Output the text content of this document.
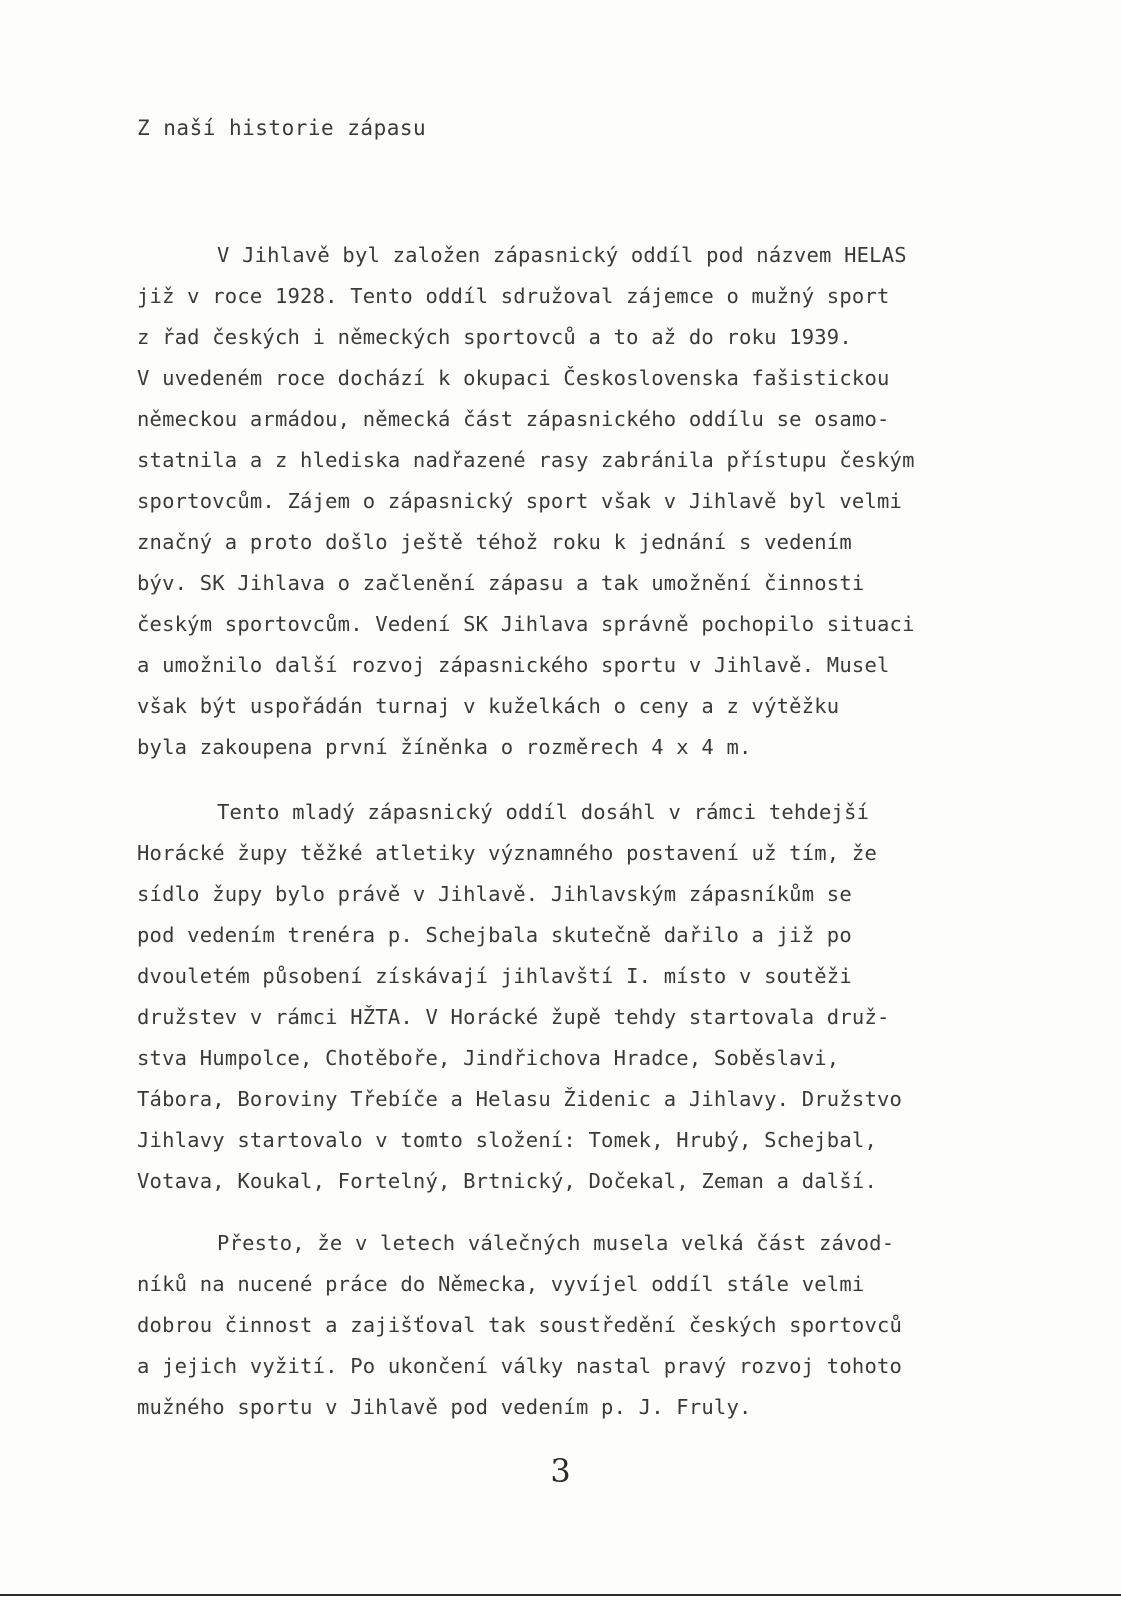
Z naší historie zápasu
V Jihlavě byl založen zápasnický oddíl pod názvem HELAS
již v roce 1928. Tento oddíl sdružoval zájemce o mužný sport
z řad českých i německých sportovců a to až do roku 1939.
V uvedeném roce dochází k okupaci Československa fašistickou
německou armádou, německá část zápasnického oddílu se osamo-
statnila a z hlediska nadřazené rasy zabránila přístupu českým
sportovcům. Zájem o zápasnický sport však v Jihlavě byl velmi
značný a proto došlo ještě téhož roku k jednání s vedením
býv. SK Jihlava o začlenění zápasu a tak umožnění činnosti
českým sportovcům. Vedení SK Jihlava správně pochopilo situaci
a umožnilo další rozvoj zápasnického sportu v Jihlavě. Musel
však být uspořádán turnaj v kuželkách o ceny a z výtěžku
byla zakoupena první žíněnka o rozměrech 4 x 4 m.
Tento mladý zápasnický oddíl dosáhl v rámci tehdejší
Horácké župy těžké atletiky významného postavení už tím, že
sídlo župy bylo právě v Jihlavě. Jihlavským zápasníkům se
pod vedením trenéra p. Schejbala skutečně dařilo a již po
dvouletém působení získávají jihlavští I. místo v soutěži
družstev v rámci HŽTA. V Horácké župě tehdy startovala druž-
stva Humpolce, Chotěboře, Jindřichova Hradce, Soběslavi,
Tábora, Boroviny Třebíče a Helasu Židenic a Jihlavy. Družstvo
Jihlavy startovalo v tomto složení: Tomek, Hrubý, Schejbal,
Votava, Koukal, Fortelný, Brtnický, Dočekal, Zeman a další.
Přesto, že v letech válečných musela velká část závod-
níků na nucené práce do Německa, vyvíjel oddíl stále velmi
dobrou činnost a zajišťoval tak soustředění českých sportovců
a jejich vyžití. Po ukončení války nastal pravý rozvoj tohoto
mužného sportu v Jihlavě pod vedením p. J. Fruly.
3
